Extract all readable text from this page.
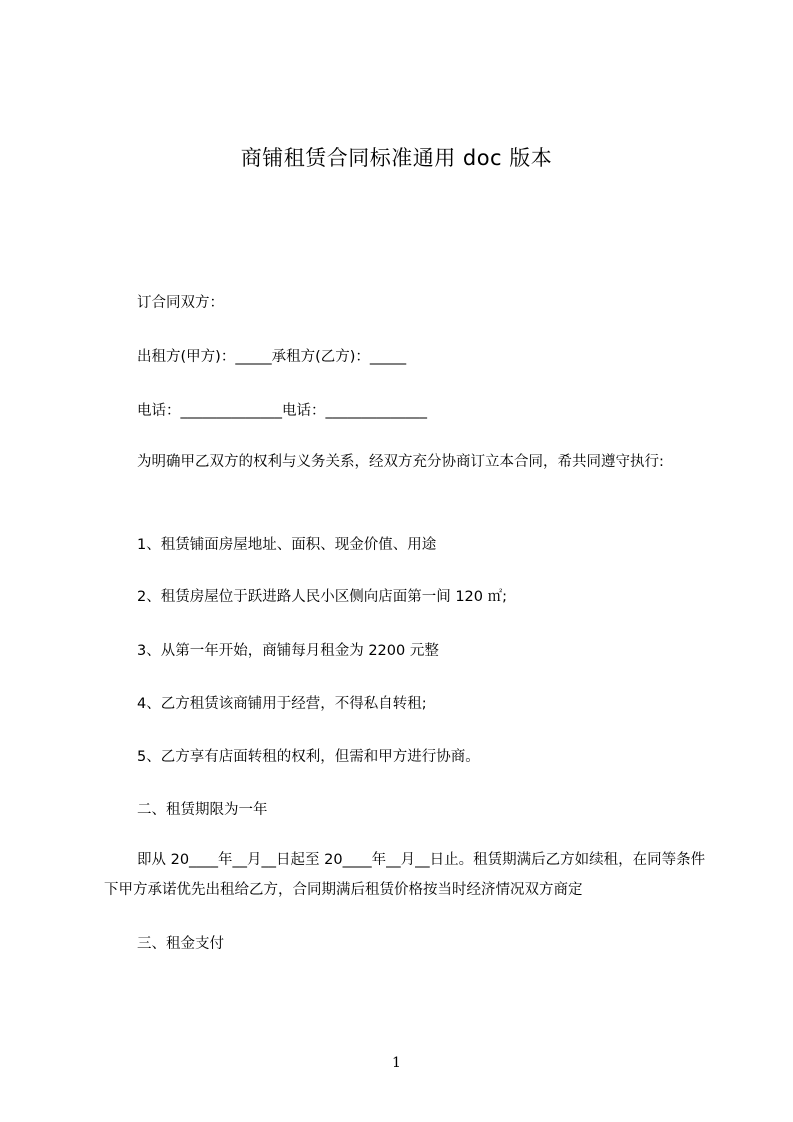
商铺租赁合同标准通用 doc 版本
订合同双方：
出租方(甲方)：_____承租方(乙方)：_____
电话：______________电话：______________
为明确甲乙双方的权利与义务关系，经双方充分协商订立本合同，希共同遵守执行:
1、租赁铺面房屋地址、面积、现金价值、用途
2、租赁房屋位于跃进路人民小区侧向店面第一间 120 ㎡;
3、从第一年开始，商铺每月租金为 2200 元整
4、乙方租赁该商铺用于经营，不得私自转租;
5、乙方享有店面转租的权利，但需和甲方进行协商。
二、租赁期限为一年
即从 20____年__月__日起至 20____年__月__日止。租赁期满后乙方如续租，在同等条件下甲方承诺优先出租给乙方，合同期满后租赁价格按当时经济情况双方商定
三、租金支付
1
